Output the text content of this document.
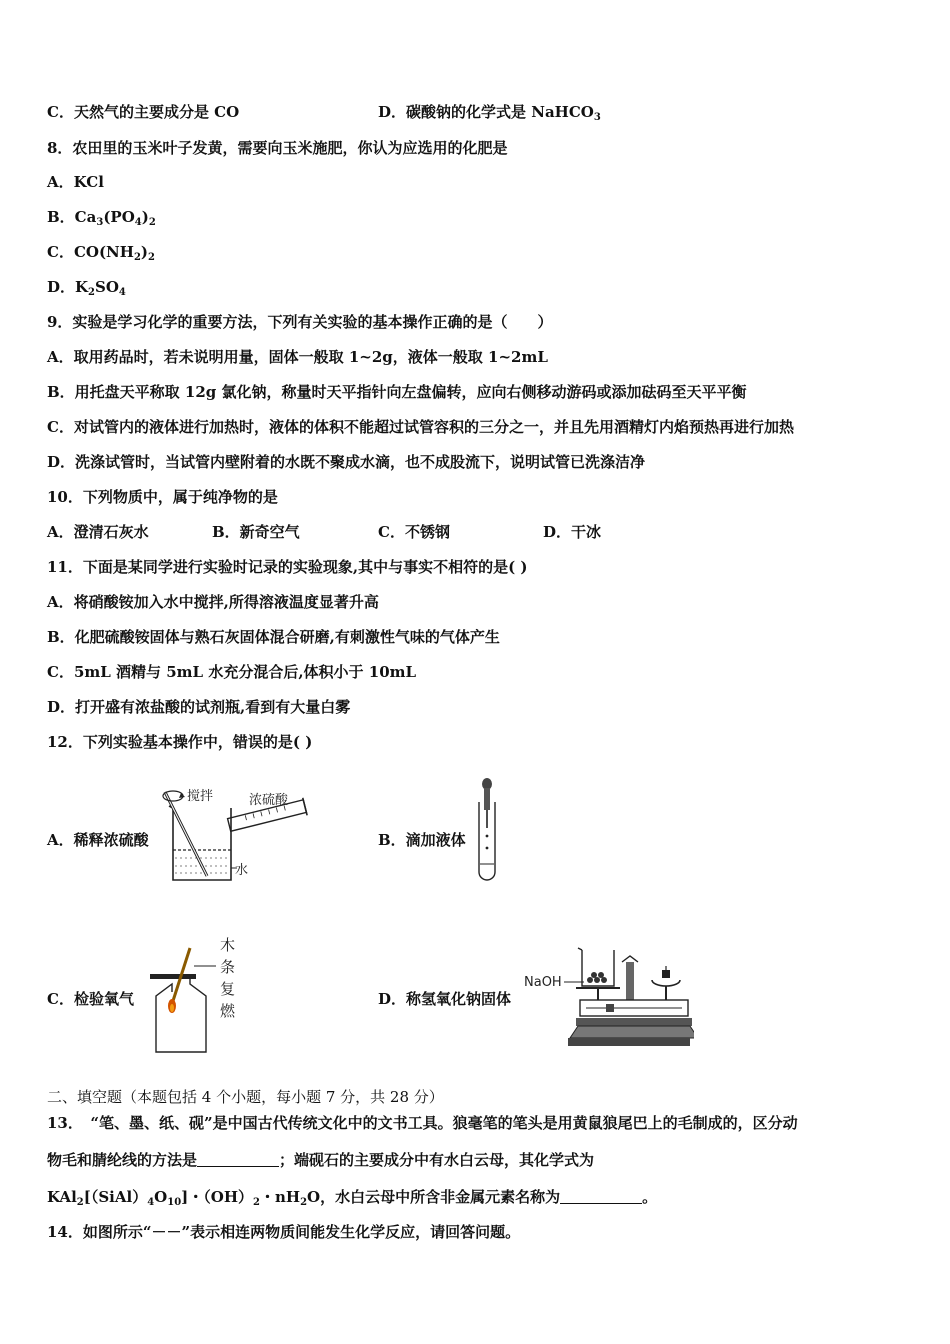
C．天然气的主要成分是 CO	D．碳酸钠的化学式是 NaHCO$_3$
8．农田里的玉米叶子发黄，需要向玉米施肥，你认为应选用的化肥是
A．KCl
B．$Ca_3(PO_4)_2$
C．$CO(NH_2)_2$
D．$K_2SO_4$
9．实验是学习化学的重要方法，下列有关实验的基本操作正确的是（　　）
A．取用药品时，若未说明用量，固体一般取 1~2g，液体一般取 1~2mL
B．用托盘天平称取 12g 氯化钠，称量时天平指针向左盘偏转，应向右侧移动游码或添加砝码至天平平衡
C．对试管内的液体进行加热时，液体的体积不能超过试管容积的三分之一，并且先用酒精灯内焰预热再进行加热
D．洗涤试管时，当试管内壁附着的水既不聚成水滴，也不成股流下，说明试管已洗涤洁净
10．下列物质中，属于纯净物的是
A．澄清石灰水	B．新奇空气	C．不锈钢	D．干冰
11．下面是某同学进行实验时记录的实验现象,其中与事实不相符的是( )
A．将硝酸铵加入水中搅拌,所得溶液温度显著升高
B．化肥硫酸铵固体与熟石灰固体混合研磨,有刺激性气味的气体产生
C．5mL 酒精与 5mL 水充分混合后,体积小于 10mL
D．打开盛有浓盐酸的试剂瓶,看到有大量白雾
12．下列实验基本操作中，错误的是( )
A．稀释浓硫酸
搅拌	浓硫酸
水
B．滴加液体
C．检验氧气
木
条
复
燃
D．称氢氧化钠固体
NaOH
二、填空题（本题包括 4 个小题，每小题 7 分，共 28 分）
13．　“笔、墨、纸、砚”是中国古代传统文化中的文书工具。狼毫笔的笔头是用黄鼠狼尾巴上的毛制成的，区分动
物毛和腈纶线的方法是	；端砚石的主要成分中有水白云母，其化学式为
$KAl_2[(SiAl)_4O_{10}]$・$(OH)_2$・$nH_2O$，水白云母中所含非金属元素名称为	。
14．如图所示“－－”表示相连两物质间能发生化学反应，请回答问题。
